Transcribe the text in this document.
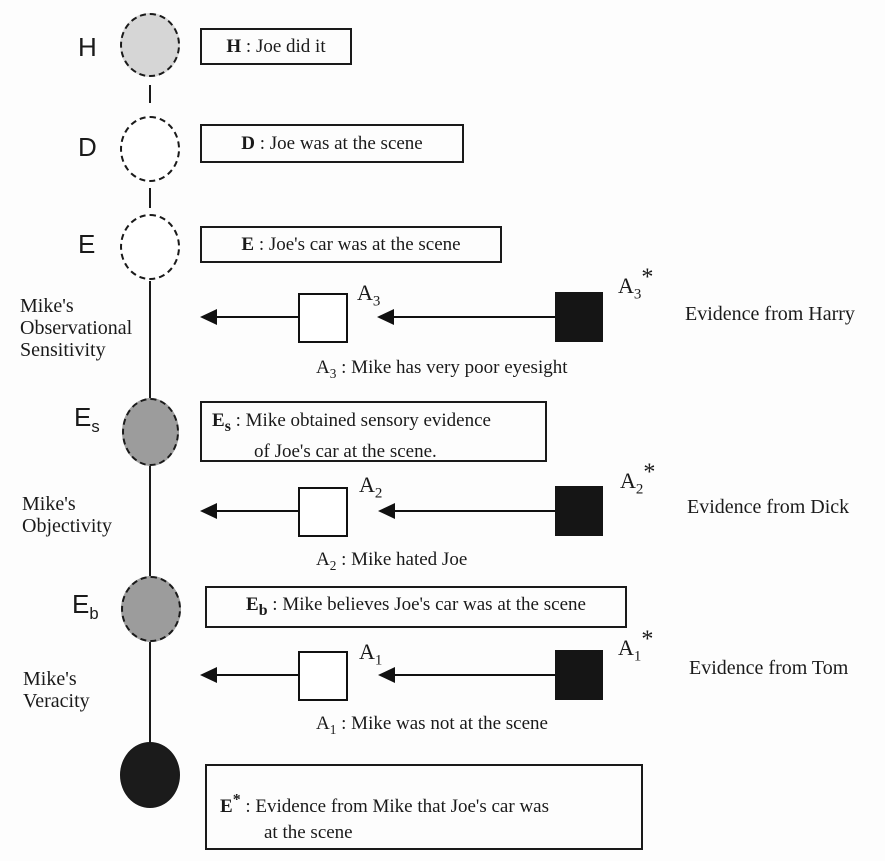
H
D
E
$E_s$
$E_b$
H : Joe did it
D : Joe was at the scene
E : Joe's car was at the scene
$E_s$ : Mike obtained sensory evidence
of Joe's car at the scene.
$E_b$ : Mike believes Joe's car was at the scene
E* : Evidence from Mike that Joe's car was
at the scene
Mike's
Observational
Sensitivity
Mike's
Objectivity
Mike's
Veracity
$A_3$
$A_3^*$
Evidence from Harry
$A_3$ : Mike has very poor eyesight
$A_2$
$A_2^*$
Evidence from Dick
$A_2$ : Mike hated Joe
$A_1$
$A_1^*$
Evidence from Tom
$A_1$ : Mike was not at the scene
